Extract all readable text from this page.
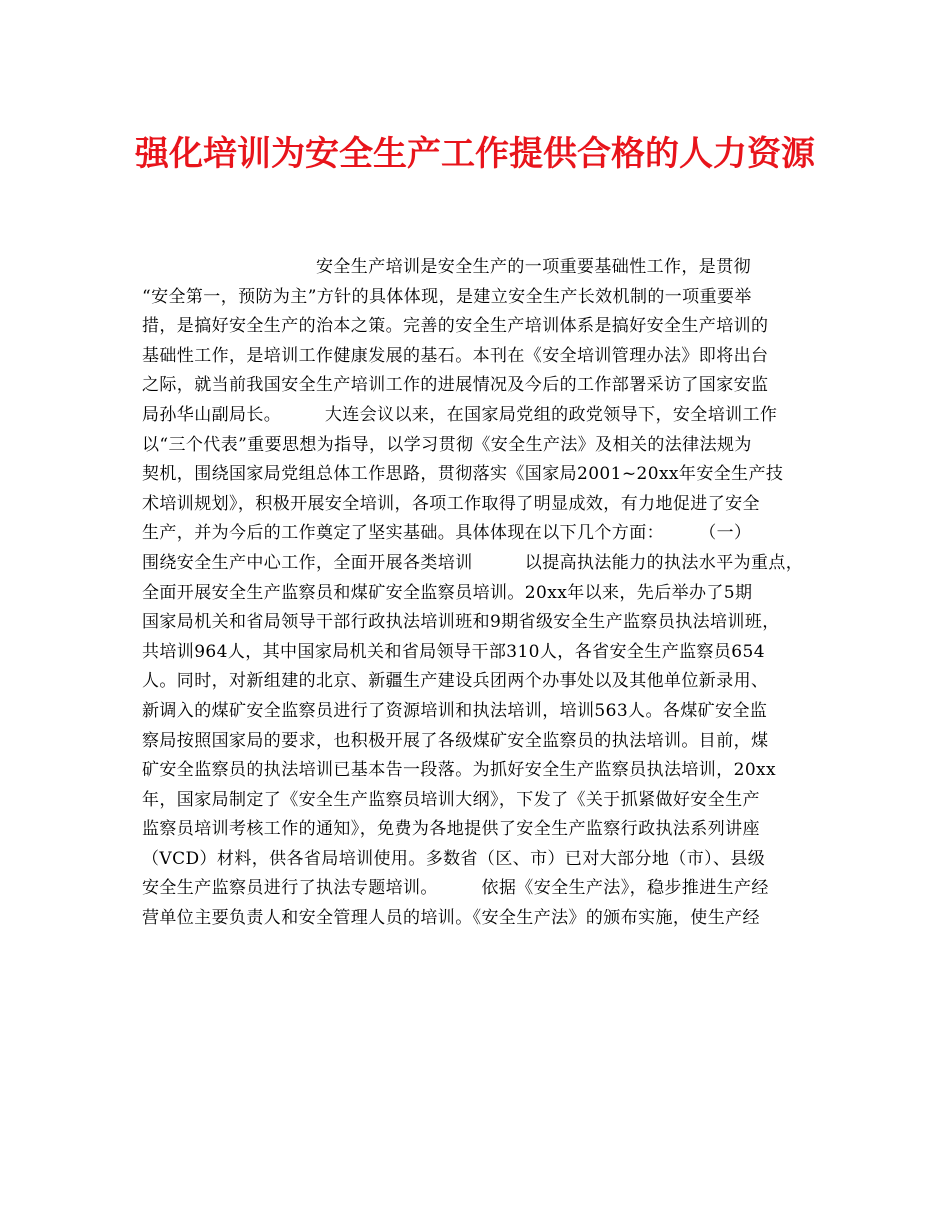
强化培训为安全生产工作提供合格的人力资源
　　　　　　　　　　安全生产培训是安全生产的一项重要基础性工作，是贯彻
“安全第一，预防为主”方针的具体体现，是建立安全生产长效机制的一项重要举
措，是搞好安全生产的治本之策。完善的安全生产培训体系是搞好安全生产培训的
基础性工作，是培训工作健康发展的基石。本刊在《安全培训管理办法》即将出台
之际，就当前我国安全生产培训工作的进展情况及今后的工作部署采访了国家安监
局孙华山副局长。　　　大连会议以来，在国家局党组的政党领导下，安全培训工作
以“三个代表”重要思想为指导，以学习贯彻《安全生产法》及相关的法律法规为
契机，围绕国家局党组总体工作思路，贯彻落实《国家局2001~20xx年安全生产技
术培训规划》，积极开展安全培训，各项工作取得了明显成效，有力地促进了安全
生产，并为今后的工作奠定了坚实基础。具体体现在以下几个方面：　　　（一）
围绕安全生产中心工作，全面开展各类培训　　　以提高执法能力的执法水平为重点，
全面开展安全生产监察员和煤矿安全监察员培训。20xx年以来，先后举办了5期
国家局机关和省局领导干部行政执法培训班和9期省级安全生产监察员执法培训班，
共培训964人，其中国家局机关和省局领导干部310人，各省安全生产监察员654
人。同时，对新组建的北京、新疆生产建设兵团两个办事处以及其他单位新录用、
新调入的煤矿安全监察员进行了资源培训和执法培训，培训563人。各煤矿安全监
察局按照国家局的要求，也积极开展了各级煤矿安全监察员的执法培训。目前，煤
矿安全监察员的执法培训已基本告一段落。为抓好安全生产监察员执法培训，20xx
年，国家局制定了《安全生产监察员培训大纲》，下发了《关于抓紧做好安全生产
监察员培训考核工作的通知》，免费为各地提供了安全生产监察行政执法系列讲座
（VCD）材料，供各省局培训使用。多数省（区、市）已对大部分地（市）、县级
安全生产监察员进行了执法专题培训。　　　依据《安全生产法》，稳步推进生产经
营单位主要负责人和安全管理人员的培训。《安全生产法》的颁布实施，使生产经
